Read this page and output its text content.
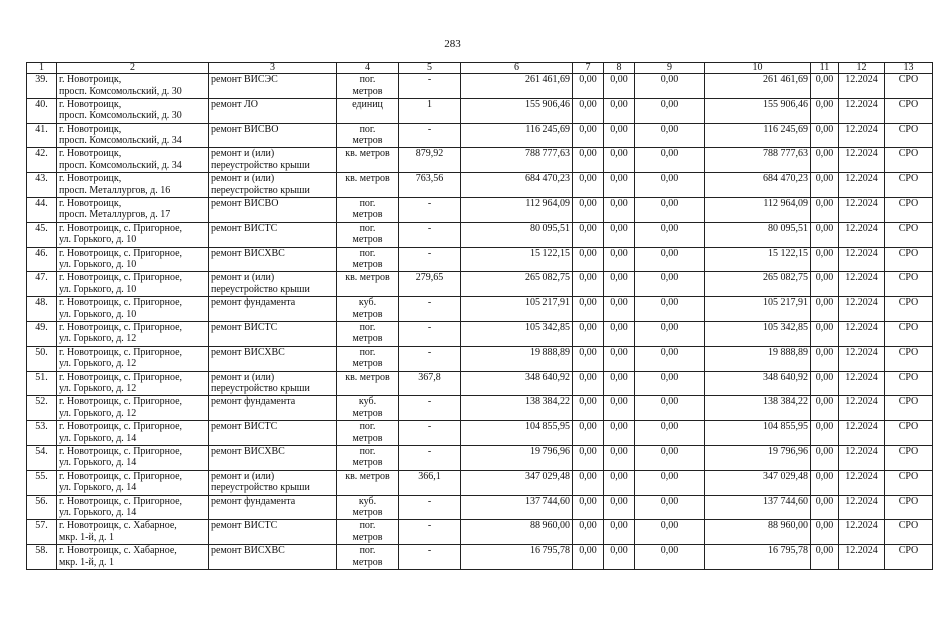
283
1	2	3	4	5	6	7	8	9	10	11	12	13
39.	г. Новотроицк,
просп. Комсомольский, д. 30	ремонт ВИСЭС	пог.
метров	-	261 461,69	0,00	0,00	0,00	261 461,69	0,00	12.2024	СРО
40.	г. Новотроицк,
просп. Комсомольский, д. 30	ремонт ЛО	единиц	1	155 906,46	0,00	0,00	0,00	155 906,46	0,00	12.2024	СРО
41.	г. Новотроицк,
просп. Комсомольский, д. 34	ремонт ВИСВО	пог.
метров	-	116 245,69	0,00	0,00	0,00	116 245,69	0,00	12.2024	СРО
42.	г. Новотроицк,
просп. Комсомольский, д. 34	ремонт и (или)
переустройство крыши	кв. метров	879,92	788 777,63	0,00	0,00	0,00	788 777,63	0,00	12.2024	СРО
43.	г. Новотроицк,
просп. Металлургов, д. 16	ремонт и (или)
переустройство крыши	кв. метров	763,56	684 470,23	0,00	0,00	0,00	684 470,23	0,00	12.2024	СРО
44.	г. Новотроицк,
просп. Металлургов, д. 17	ремонт ВИСВО	пог.
метров	-	112 964,09	0,00	0,00	0,00	112 964,09	0,00	12.2024	СРО
45.	г. Новотроицк, с. Пригорное,
ул. Горького, д. 10	ремонт ВИСТС	пог.
метров	-	80 095,51	0,00	0,00	0,00	80 095,51	0,00	12.2024	СРО
46.	г. Новотроицк, с. Пригорное,
ул. Горького, д. 10	ремонт ВИСХВС	пог.
метров	-	15 122,15	0,00	0,00	0,00	15 122,15	0,00	12.2024	СРО
47.	г. Новотроицк, с. Пригорное,
ул. Горького, д. 10	ремонт и (или)
переустройство крыши	кв. метров	279,65	265 082,75	0,00	0,00	0,00	265 082,75	0,00	12.2024	СРО
48.	г. Новотроицк, с. Пригорное,
ул. Горького, д. 10	ремонт фундамента	куб.
метров	-	105 217,91	0,00	0,00	0,00	105 217,91	0,00	12.2024	СРО
49.	г. Новотроицк, с. Пригорное,
ул. Горького, д. 12	ремонт ВИСТС	пог.
метров	-	105 342,85	0,00	0,00	0,00	105 342,85	0,00	12.2024	СРО
50.	г. Новотроицк, с. Пригорное,
ул. Горького, д. 12	ремонт ВИСХВС	пог.
метров	-	19 888,89	0,00	0,00	0,00	19 888,89	0,00	12.2024	СРО
51.	г. Новотроицк, с. Пригорное,
ул. Горького, д. 12	ремонт и (или)
переустройство крыши	кв. метров	367,8	348 640,92	0,00	0,00	0,00	348 640,92	0,00	12.2024	СРО
52.	г. Новотроицк, с. Пригорное,
ул. Горького, д. 12	ремонт фундамента	куб.
метров	-	138 384,22	0,00	0,00	0,00	138 384,22	0,00	12.2024	СРО
53.	г. Новотроицк, с. Пригорное,
ул. Горького, д. 14	ремонт ВИСТС	пог.
метров	-	104 855,95	0,00	0,00	0,00	104 855,95	0,00	12.2024	СРО
54.	г. Новотроицк, с. Пригорное,
ул. Горького, д. 14	ремонт ВИСХВС	пог.
метров	-	19 796,96	0,00	0,00	0,00	19 796,96	0,00	12.2024	СРО
55.	г. Новотроицк, с. Пригорное,
ул. Горького, д. 14	ремонт и (или)
переустройство крыши	кв. метров	366,1	347 029,48	0,00	0,00	0,00	347 029,48	0,00	12.2024	СРО
56.	г. Новотроицк, с. Пригорное,
ул. Горького, д. 14	ремонт фундамента	куб.
метров	-	137 744,60	0,00	0,00	0,00	137 744,60	0,00	12.2024	СРО
57.	г. Новотроицк, с. Хабарное,
мкр. 1-й, д. 1	ремонт ВИСТС	пог.
метров	-	88 960,00	0,00	0,00	0,00	88 960,00	0,00	12.2024	СРО
58.	г. Новотроицк, с. Хабарное,
мкр. 1-й, д. 1	ремонт ВИСХВС	пог.
метров	-	16 795,78	0,00	0,00	0,00	16 795,78	0,00	12.2024	СРО
